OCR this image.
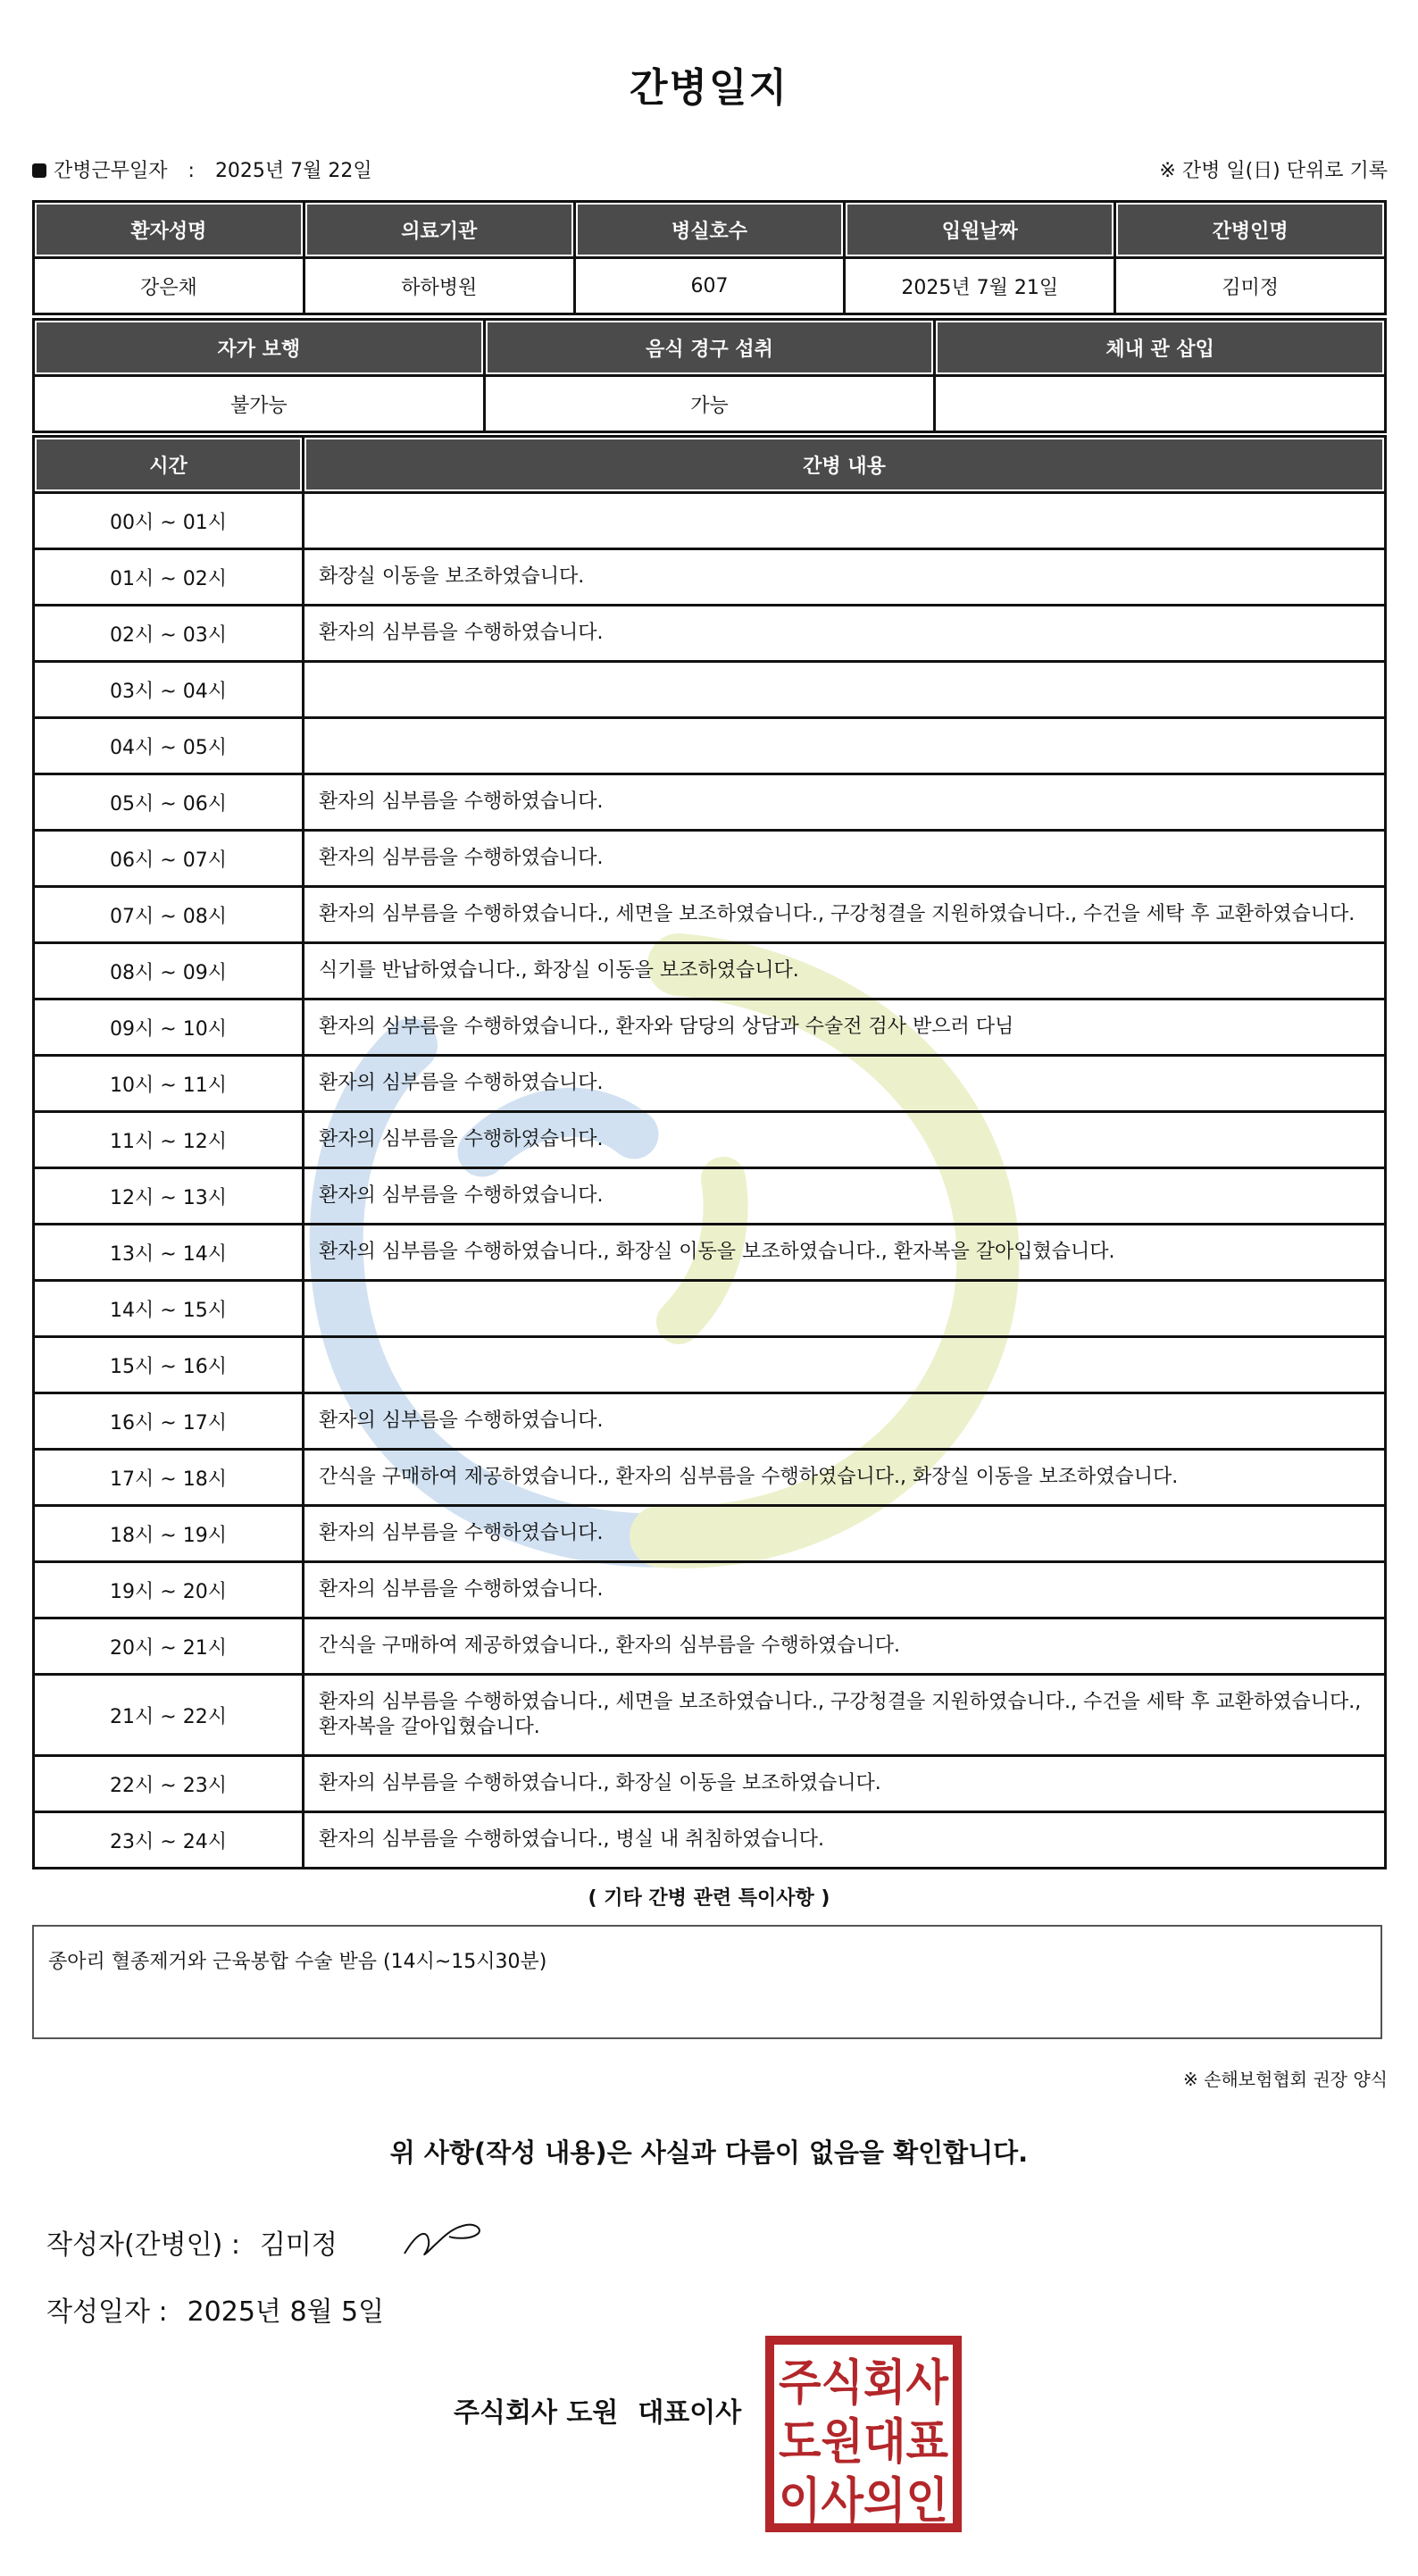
간병일지
간병근무일자 : 2025년 7월 22일	※ 간병 일(日) 단위로 기록
환자성명	의료기관	병실호수	입원날짜	간병인명
강은채	하하병원	607	2025년 7월 21일	김미정
자가 보행	음식 경구 섭취	체내 관 삽입
불가능	가능	
시간	간병 내용
00시 ~ 01시	
01시 ~ 02시	화장실 이동을 보조하였습니다.
02시 ~ 03시	환자의 심부름을 수행하였습니다.
03시 ~ 04시	
04시 ~ 05시	
05시 ~ 06시	환자의 심부름을 수행하였습니다.
06시 ~ 07시	환자의 심부름을 수행하였습니다.
07시 ~ 08시	환자의 심부름을 수행하였습니다., 세면을 보조하였습니다., 구강청결을 지원하였습니다., 수건을 세탁 후 교환하였습니다.
08시 ~ 09시	식기를 반납하였습니다., 화장실 이동을 보조하였습니다.
09시 ~ 10시	환자의 심부름을 수행하였습니다., 환자와 담당의 상담과 수술전 검사 받으러 다님
10시 ~ 11시	환자의 심부름을 수행하였습니다.
11시 ~ 12시	환자의 심부름을 수행하였습니다.
12시 ~ 13시	환자의 심부름을 수행하였습니다.
13시 ~ 14시	환자의 심부름을 수행하였습니다., 화장실 이동을 보조하였습니다., 환자복을 갈아입혔습니다.
14시 ~ 15시	
15시 ~ 16시	
16시 ~ 17시	환자의 심부름을 수행하였습니다.
17시 ~ 18시	간식을 구매하여 제공하였습니다., 환자의 심부름을 수행하였습니다., 화장실 이동을 보조하였습니다.
18시 ~ 19시	환자의 심부름을 수행하였습니다.
19시 ~ 20시	환자의 심부름을 수행하였습니다.
20시 ~ 21시	간식을 구매하여 제공하였습니다., 환자의 심부름을 수행하였습니다.
21시 ~ 22시	환자의 심부름을 수행하였습니다., 세면을 보조하였습니다., 구강청결을 지원하였습니다., 수건을 세탁 후 교환하였습니다., 환자복을 갈아입혔습니다.
22시 ~ 23시	환자의 심부름을 수행하였습니다., 화장실 이동을 보조하였습니다.
23시 ~ 24시	환자의 심부름을 수행하였습니다., 병실 내 취침하였습니다.
( 기타 간병 관련 특이사항 )
종아리 혈종제거와 근육봉합 수술 받음 (14시~15시30분)
※ 손해보험협회 권장 양식
위 사항(작성 내용)은 사실과 다름이 없음을 확인합니다.
작성자(간병인) : 김미정
작성일자 : 2025년 8월 5일
주식회사 도원 대표이사
주식회사
도원대표
이사의인
